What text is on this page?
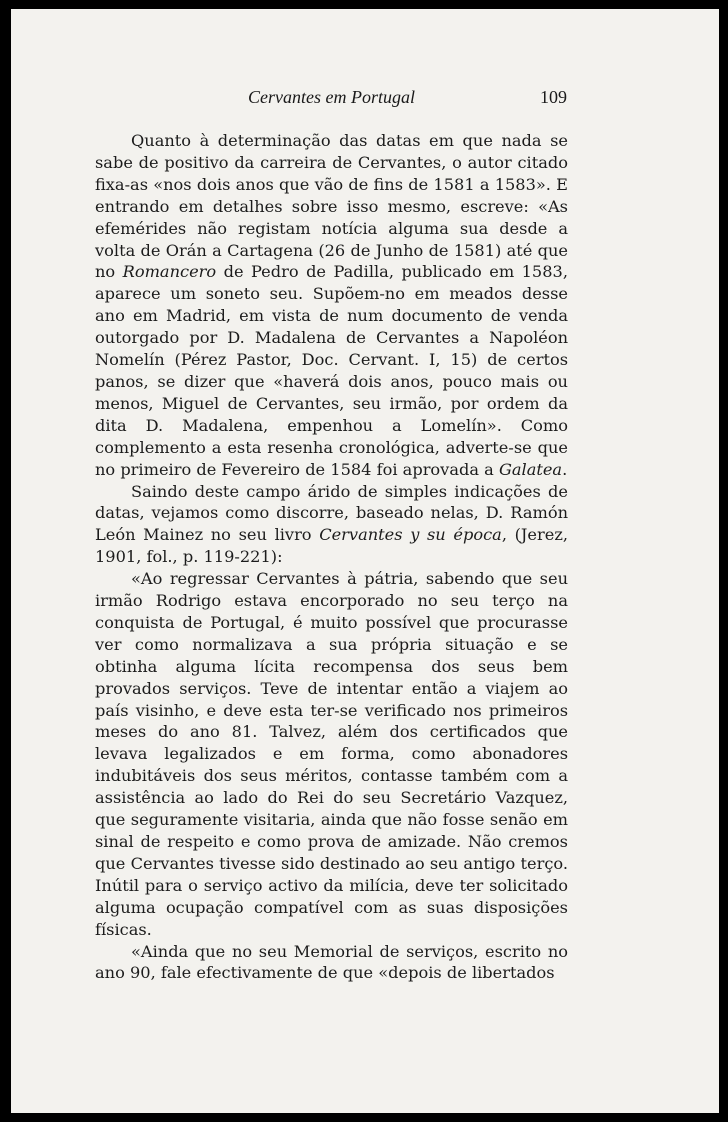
Cervantes em Portugal	109

Quanto à determinação das datas em que nada se sabe de positivo da carreira de Cervantes, o autor citado fixa-as «nos dois anos que vão de fins de 1581 a 1583». E entrando em detalhes sobre isso mesmo, escreve: «As efemérides não registam notícia alguma sua desde a volta de Orán a Cartagena (26 de Junho de 1581) até que no Romancero de Pedro de Padilla, publicado em 1583, aparece um soneto seu. Supõem-no em meados desse ano em Madrid, em vista de num documento de venda outorgado por D. Madalena de Cervantes a Napoléon Nomelín (Pérez Pastor, Doc. Cervant. I, 15) de certos panos, se dizer que «haverá dois anos, pouco mais ou menos, Miguel de Cervantes, seu irmão, por ordem da dita D. Madalena, empenhou a Lomelín». Como complemento a esta resenha cronológica, adverte-se que no primeiro de Fevereiro de 1584 foi aprovada a Galatea.

Saindo deste campo árido de simples indicações de datas, vejamos como discorre, baseado nelas, D. Ramón León Mainez no seu livro Cervantes y su época, (Jerez, 1901, fol., p. 119-221):

«Ao regressar Cervantes à pátria, sabendo que seu irmão Rodrigo estava encorporado no seu terço na conquista de Portugal, é muito possível que procurasse ver como normalizava a sua própria situação e se obtinha alguma lícita recompensa dos seus bem provados serviços. Teve de intentar então a viajem ao país visinho, e deve esta ter-se verificado nos primeiros meses do ano 81. Talvez, além dos certificados que levava legalizados e em forma, como abonadores indubitáveis dos seus méritos, contasse também com a assistência ao lado do Rei do seu Secretário Vazquez, que seguramente visitaria, ainda que não fosse senão em sinal de respeito e como prova de amizade. Não cremos que Cervantes tivesse sido destinado ao seu antigo terço. Inútil para o serviço activo da milícia, deve ter solicitado alguma ocupação compatível com as suas disposições físicas.

«Ainda que no seu Memorial de serviços, escrito no ano 90, fale efectivamente de que «depois de libertados
